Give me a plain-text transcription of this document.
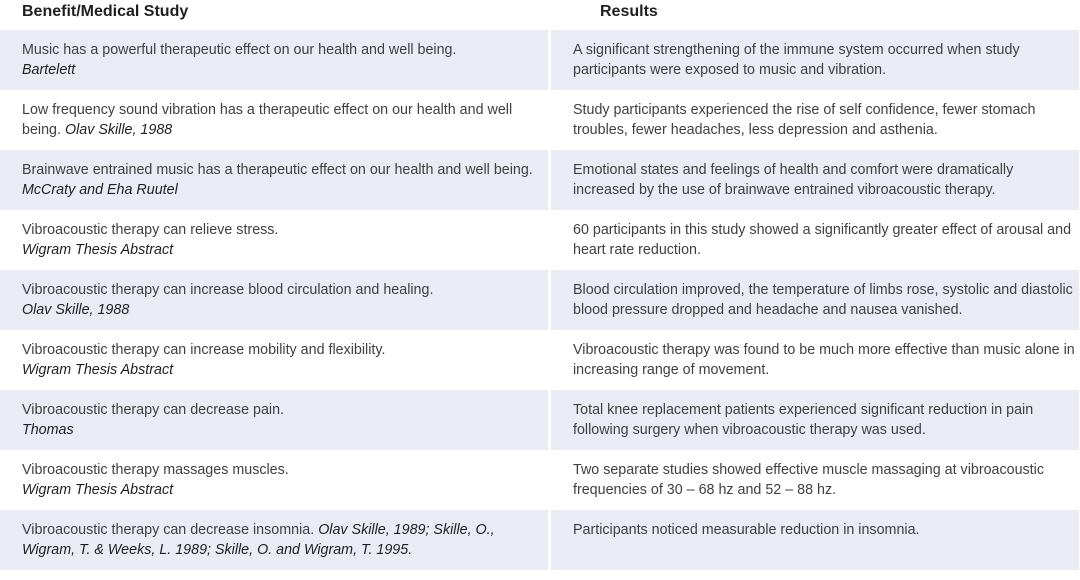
Benefit/Medical Study	Results
Music has a powerful therapeutic effect on our health and well being.
Bartelett
A significant strengthening of the immune system occurred when study participants were exposed to music and vibration.
Low frequency sound vibration has a therapeutic effect on our health and well being. Olav Skille, 1988
Study participants experienced the rise of self confidence, fewer stomach troubles, fewer headaches, less depression and asthenia.
Brainwave entrained music has a therapeutic effect on our health and well being. McCraty and Eha Ruutel
Emotional states and feelings of health and comfort were dramatically increased by the use of brainwave entrained vibroacoustic therapy.
Vibroacoustic therapy can relieve stress.
Wigram Thesis Abstract
60 participants in this study showed a significantly greater effect of arousal and heart rate reduction.
Vibroacoustic therapy can increase blood circulation and healing.
Olav Skille, 1988
Blood circulation improved, the temperature of limbs rose, systolic and diastolic blood pressure dropped and headache and nausea vanished.
Vibroacoustic therapy can increase mobility and flexibility.
Wigram Thesis Abstract
Vibroacoustic therapy was found to be much more effective than music alone in increasing range of movement.
Vibroacoustic therapy can decrease pain.
Thomas
Total knee replacement patients experienced significant reduction in pain following surgery when vibroacoustic therapy was used.
Vibroacoustic therapy massages muscles.
Wigram Thesis Abstract
Two separate studies showed effective muscle massaging at vibroacoustic frequencies of 30 – 68 hz and 52 – 88 hz.
Vibroacoustic therapy can decrease insomnia. Olav Skille, 1989; Skille, O., Wigram, T. & Weeks, L. 1989; Skille, O. and Wigram, T. 1995.
Participants noticed measurable reduction in insomnia.
